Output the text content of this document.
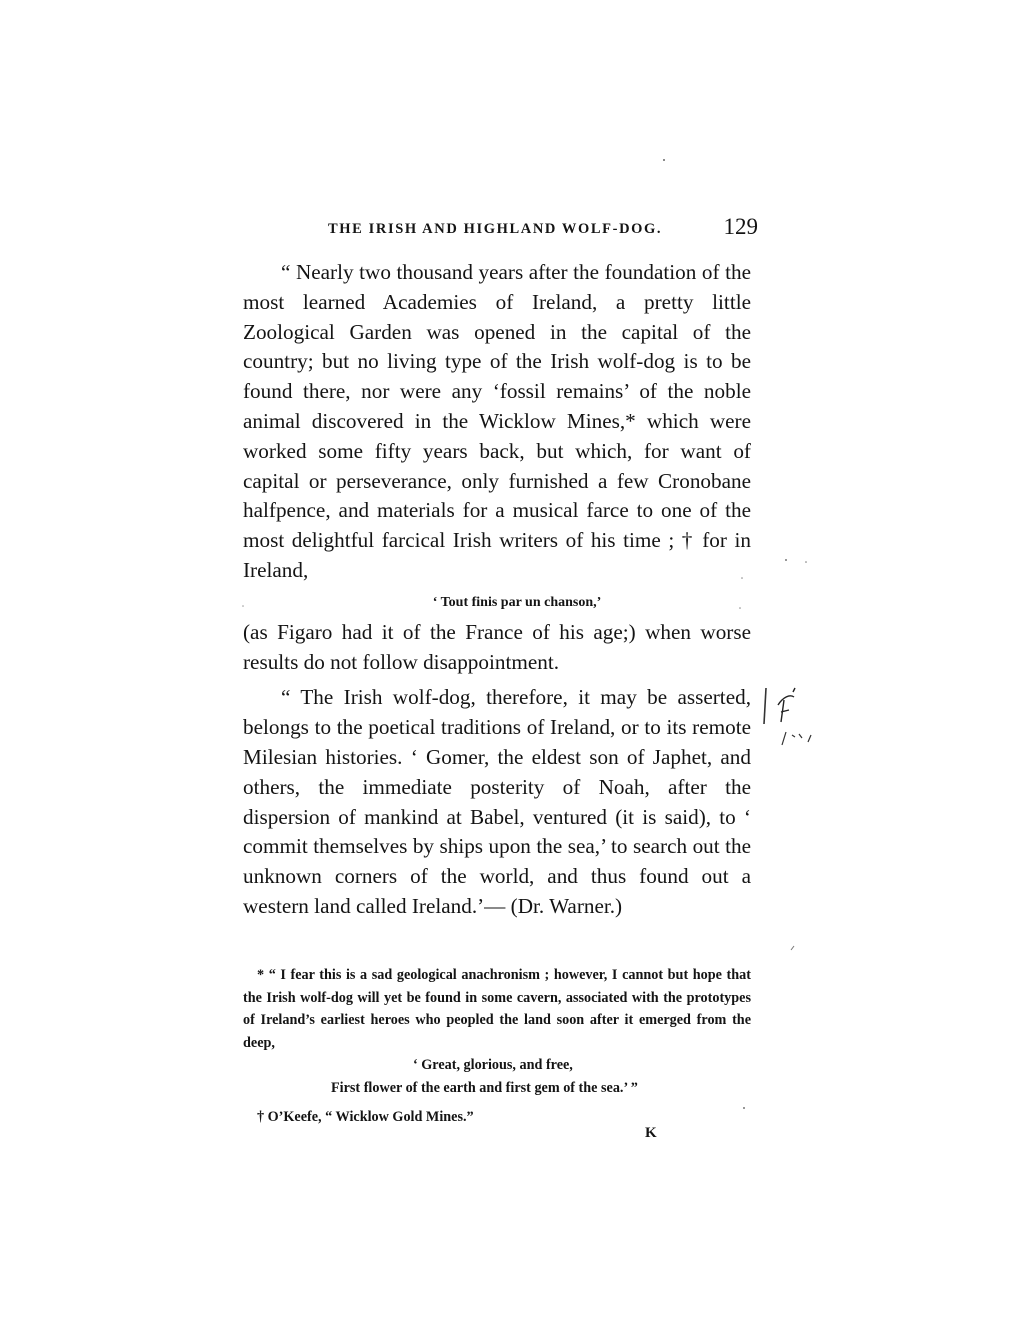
THE IRISH AND HIGHLAND WOLF-DOG.	129

“ Nearly two thousand years after the foundation of the most learned Academies of Ireland, a pretty little Zoological Garden was opened in the capital of the country; but no living type of the Irish wolf-dog is to be found there, nor were any ‘fossil remains’ of the noble animal discovered in the Wicklow Mines,* which were worked some fifty years back, but which, for want of capital or perseverance, only furnished a few Cronobane halfpence, and materials for a musical farce to one of the most delightful farcical Irish writers of his time ; † for in Ireland,

‘ Tout finis par un chanson,’

(as Figaro had it of the France of his age;) when worse results do not follow disappointment.

“ The Irish wolf-dog, therefore, it may be asserted, belongs to the poetical traditions of Ireland, or to its remote Milesian histories. ‘ Gomer, the eldest son of Japhet, and others, the immediate posterity of Noah, after the dispersion of mankind at Babel, ventured (it is said), to ‘ commit themselves by ships upon the sea,’ to search out the unknown corners of the world, and thus found out a western land called Ireland.’— (Dr. Warner.)

* “ I fear this is a sad geological anachronism ; however, I cannot but hope that the Irish wolf-dog will yet be found in some cavern, associated with the prototypes of Ireland’s earliest heroes who peopled the land soon after it emerged from the deep,

‘ Great, glorious, and free,

First flower of the earth and first gem of the sea.’ ”

† O’Keefe, “ Wicklow Gold Mines.”

K
